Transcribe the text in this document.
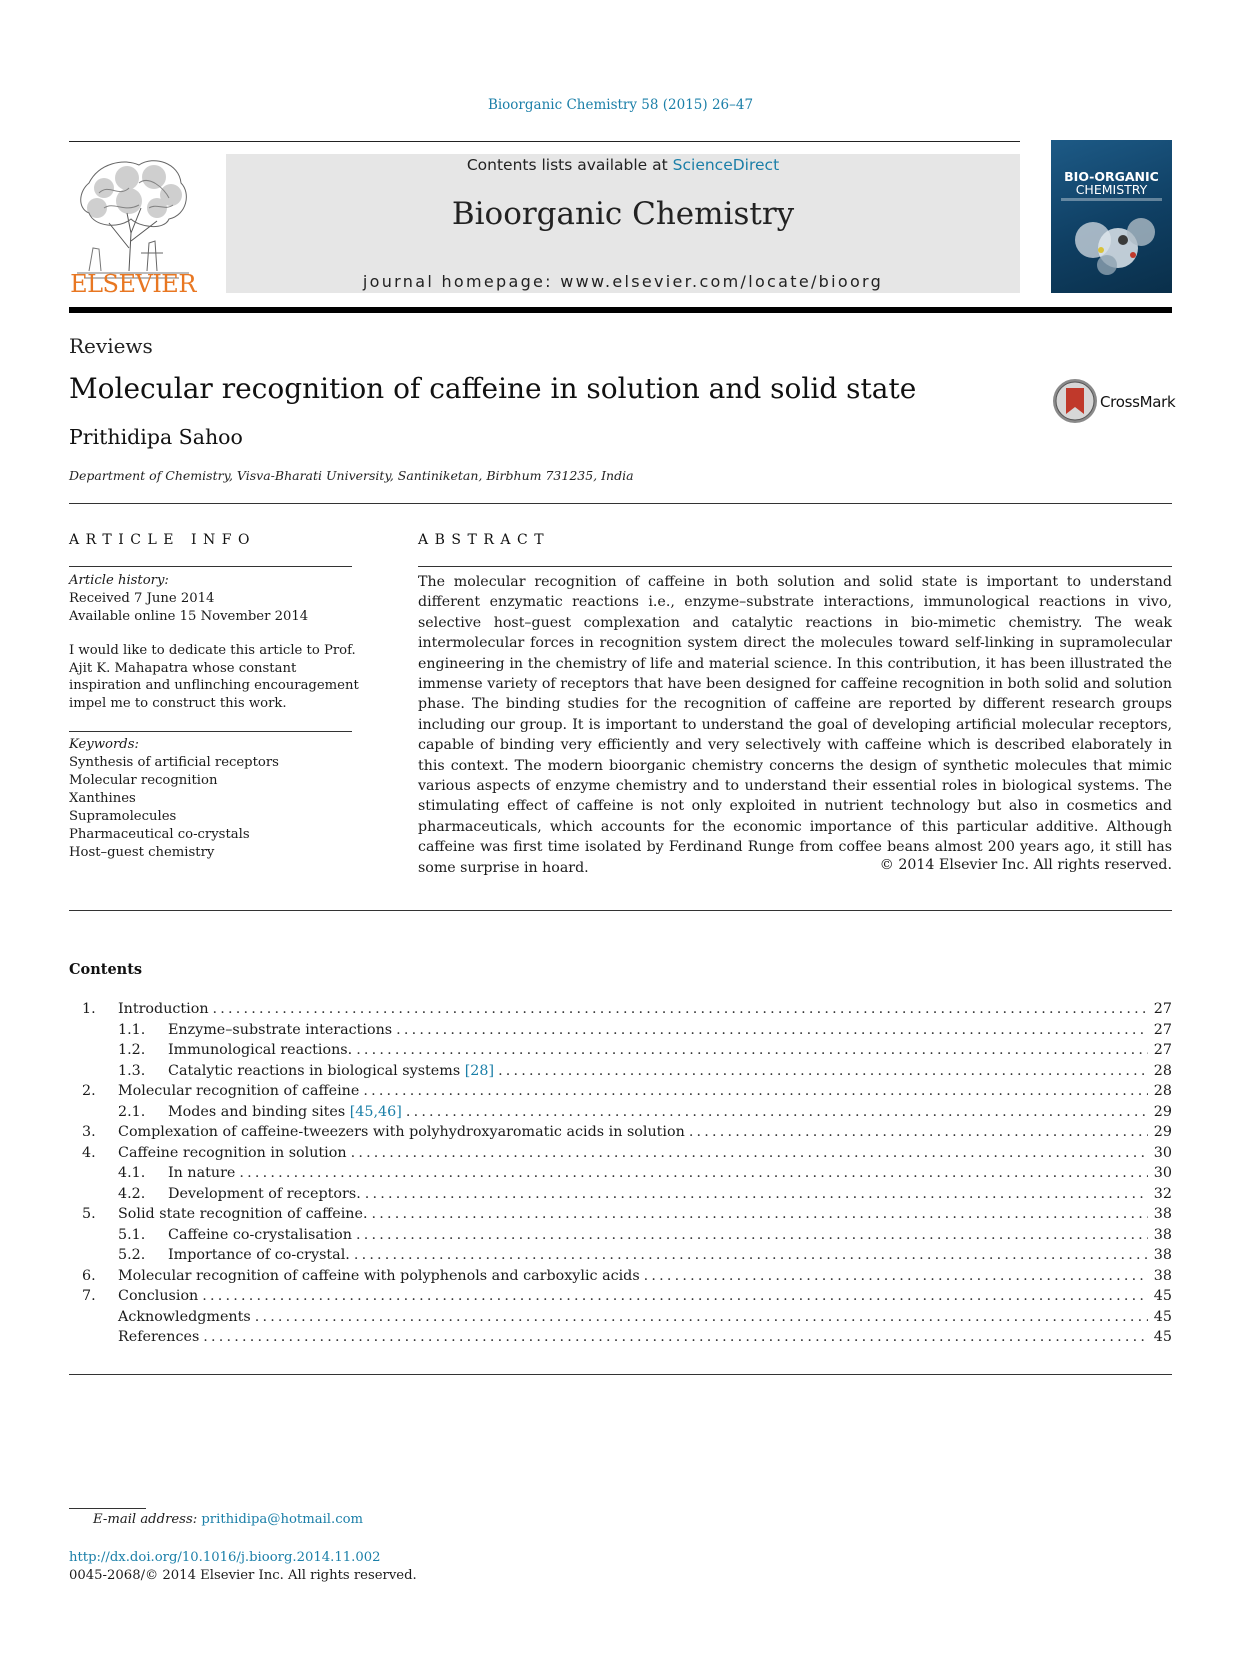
Bioorganic Chemistry 58 (2015) 26–47
ELSEVIER
Contents lists available at ScienceDirect
Bioorganic Chemistry
journal homepage: www.elsevier.com/locate/bioorg
BIO-ORGANIC
CHEMISTRY
Reviews
Molecular recognition of caffeine in solution and solid state
Prithidipa Sahoo
Department of Chemistry, Visva-Bharati University, Santiniketan, Birbhum 731235, India
CrossMark
ARTICLE INFO	ABSTRACT
Article history:
Received 7 June 2014
Available online 15 November 2014
I would like to dedicate this article to Prof. Ajit K. Mahapatra whose constant inspiration and unflinching encouragement impel me to construct this work.
Keywords:
Synthesis of artificial receptors
Molecular recognition
Xanthines
Supramolecules
Pharmaceutical co-crystals
Host–guest chemistry
The molecular recognition of caffeine in both solution and solid state is important to understand different enzymatic reactions i.e., enzyme–substrate interactions, immunological reactions in vivo, selective host–guest complexation and catalytic reactions in bio-mimetic chemistry. The weak intermolecular forces in recognition system direct the molecules toward self-linking in supramolecular engineering in the chemistry of life and material science. In this contribution, it has been illustrated the immense variety of receptors that have been designed for caffeine recognition in both solid and solution phase. The binding studies for the recognition of caffeine are reported by different research groups including our group. It is important to understand the goal of developing artificial molecular receptors, capable of binding very efficiently and very selectively with caffeine which is described elaborately in this context. The modern bioorganic chemistry concerns the design of synthetic molecules that mimic various aspects of enzyme chemistry and to understand their essential roles in biological systems. The stimulating effect of caffeine is not only exploited in nutrient technology but also in cosmetics and pharmaceuticals, which accounts for the economic importance of this particular additive. Although caffeine was first time isolated by Ferdinand Runge from coffee beans almost 200 years ago, it still has some surprise in hoard.	© 2014 Elsevier Inc. All rights reserved.
Contents
1.	Introduction .....	27
1.1.	Enzyme–substrate interactions .....	27
1.2.	Immunological reactions. .....	27
1.3.	Catalytic reactions in biological systems [28] .....	28
2.	Molecular recognition of caffeine .....	28
2.1.	Modes and binding sites [45,46] .....	29
3.	Complexation of caffeine-tweezers with polyhydroxyaromatic acids in solution .....	29
4.	Caffeine recognition in solution .....	30
4.1.	In nature .....	30
4.2.	Development of receptors. .....	32
5.	Solid state recognition of caffeine. .....	38
5.1.	Caffeine co-crystalisation .....	38
5.2.	Importance of co-crystal. .....	38
6.	Molecular recognition of caffeine with polyphenols and carboxylic acids .....	38
7.	Conclusion .....	45
Acknowledgments .....	45
References .....	45
E-mail address: prithidipa@hotmail.com
http://dx.doi.org/10.1016/j.bioorg.2014.11.002
0045-2068/© 2014 Elsevier Inc. All rights reserved.
